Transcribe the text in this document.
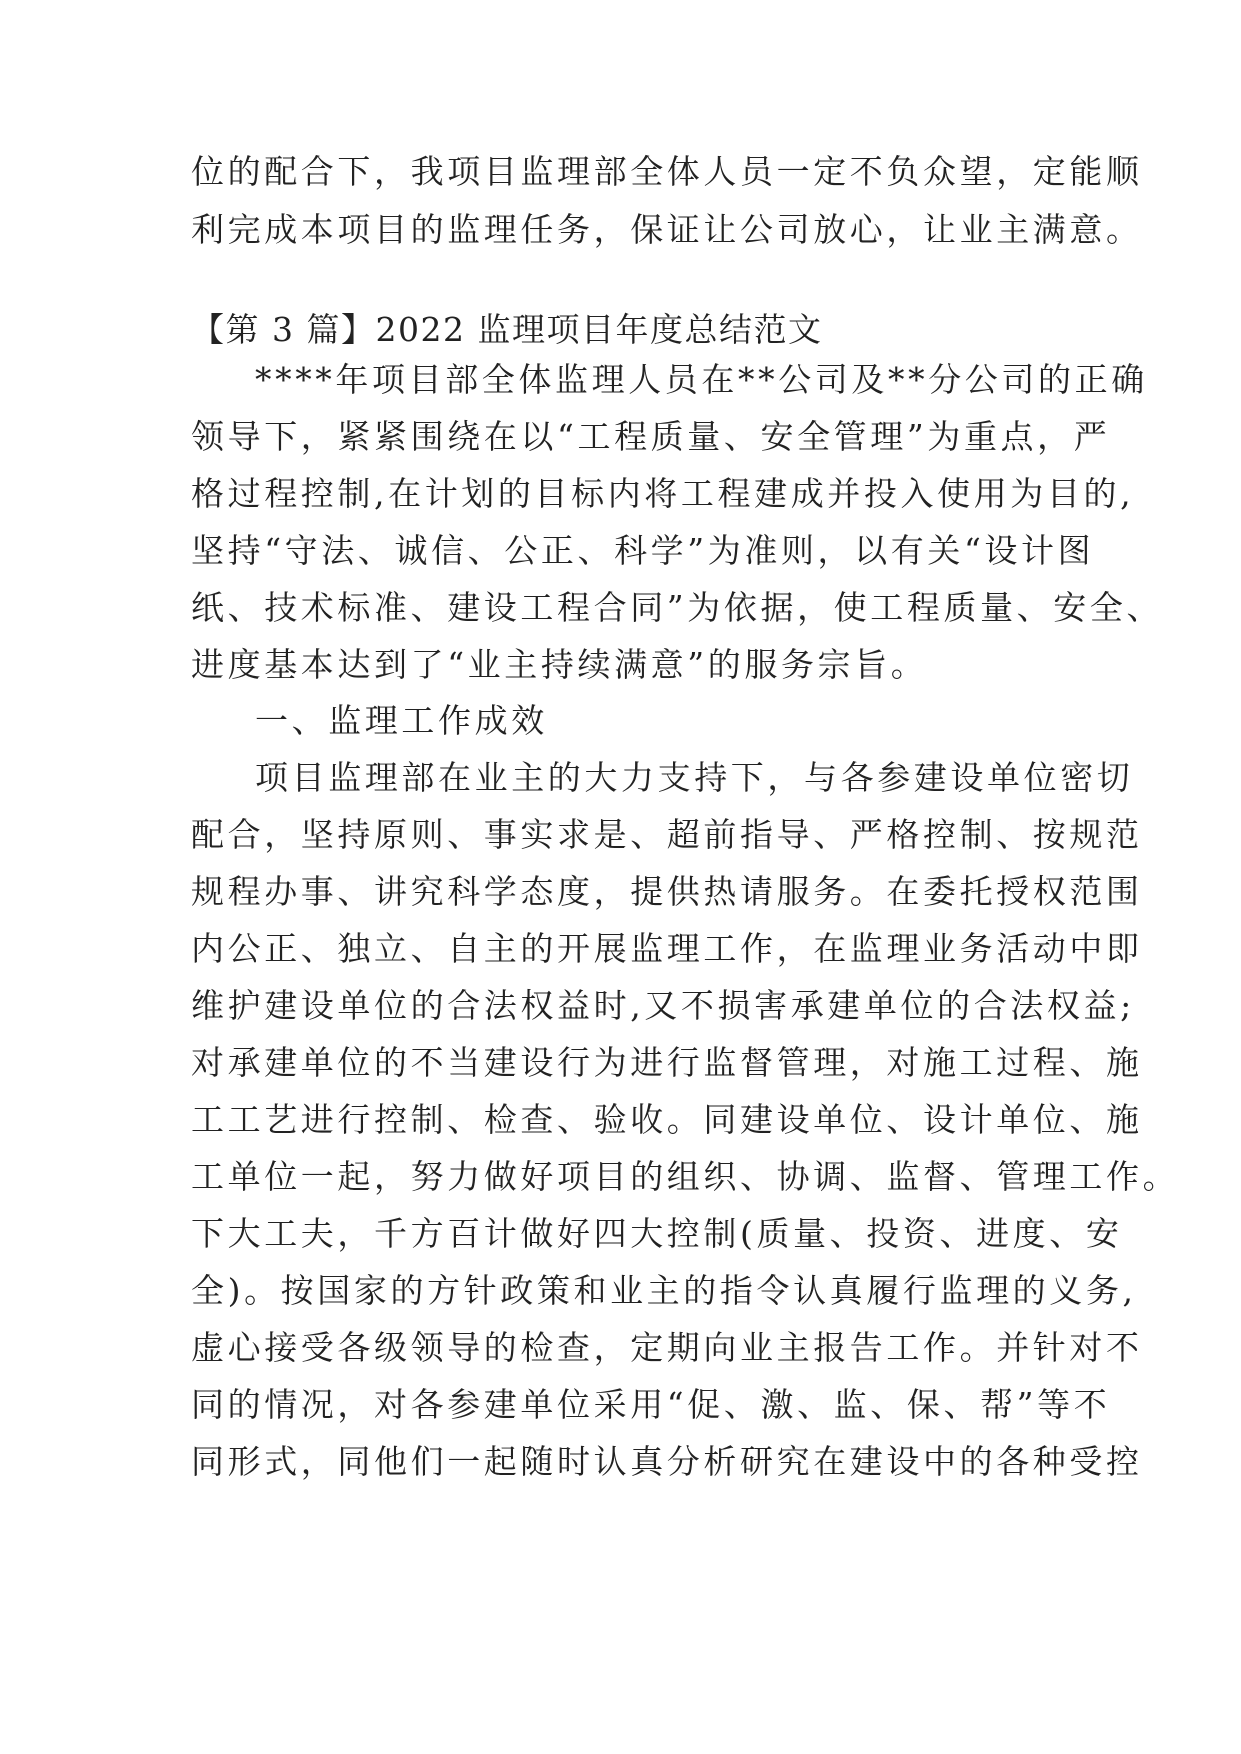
位的配合下，我项目监理部全体人员一定不负众望，定能顺
利完成本项目的监理任务，保证让公司放心，让业主满意。
【第 3 篇】2022 监理项目年度总结范文
****年项目部全体监理人员在**公司及**分公司的正确
领导下，紧紧围绕在以“工程质量、安全管理”为重点，严
格过程控制,在计划的目标内将工程建成并投入使用为目的,
坚持“守法、诚信、公正、科学”为准则，以有关“设计图
纸、技术标准、建设工程合同”为依据，使工程质量、安全、
进度基本达到了“业主持续满意”的服务宗旨。
一、监理工作成效
项目监理部在业主的大力支持下，与各参建设单位密切
配合，坚持原则、事实求是、超前指导、严格控制、按规范
规程办事、讲究科学态度，提供热请服务。在委托授权范围
内公正、独立、自主的开展监理工作，在监理业务活动中即
维护建设单位的合法权益时,又不损害承建单位的合法权益;
对承建单位的不当建设行为进行监督管理，对施工过程、施
工工艺进行控制、检查、验收。同建设单位、设计单位、施
工单位一起，努力做好项目的组织、协调、监督、管理工作。
下大工夫，千方百计做好四大控制(质量、投资、进度、安
全)。按国家的方针政策和业主的指令认真履行监理的义务,
虚心接受各级领导的检查，定期向业主报告工作。并针对不
同的情况，对各参建单位采用“促、激、监、保、帮”等不
同形式，同他们一起随时认真分析研究在建设中的各种受控
